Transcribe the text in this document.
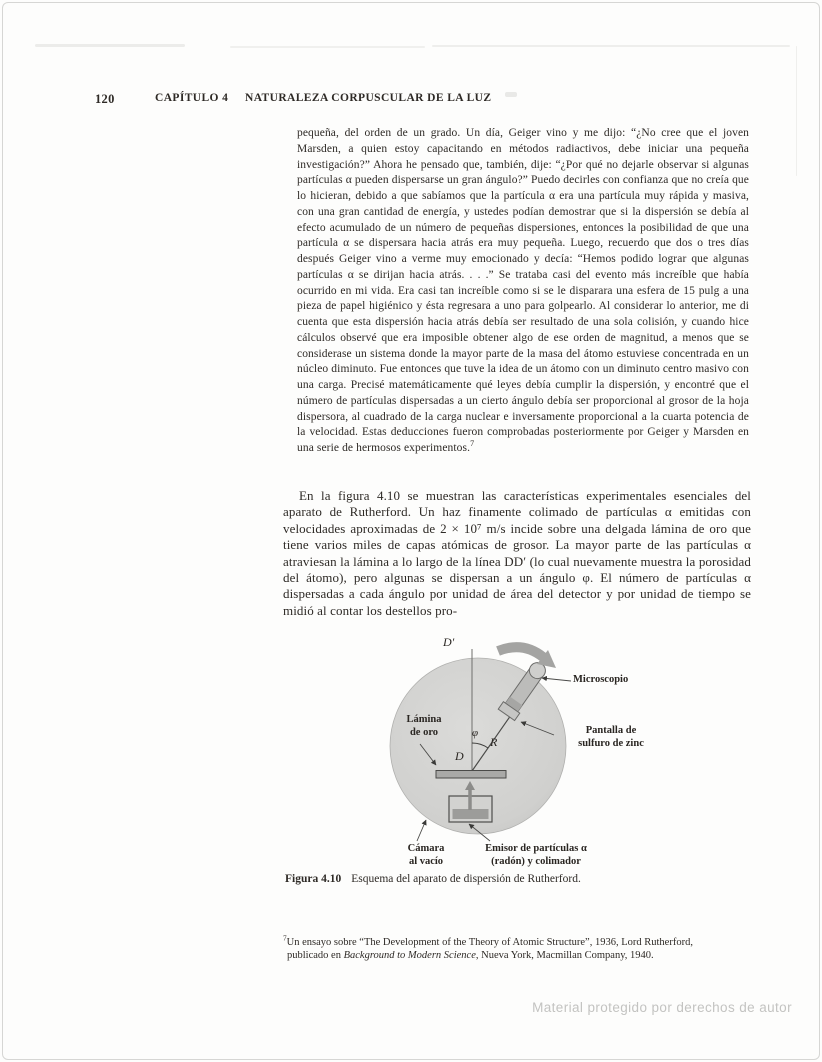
120	CAPÍTULO 4 NATURALEZA CORPUSCULAR DE LA LUZ
pequeña, del orden de un grado. Un día, Geiger vino y me dijo: “¿No cree que el joven Marsden, a quien estoy capacitando en métodos radiactivos, debe iniciar una pequeña investigación?” Ahora he pensado que, también, dije: “¿Por qué no dejarle observar si algunas partículas α pueden dispersarse un gran ángulo?” Puedo decirles con confianza que no creía que lo hicieran, debido a que sabíamos que la partícula α era una partícula muy rápida y masiva, con una gran cantidad de energía, y ustedes podían demostrar que si la dispersión se debía al efecto acumulado de un número de pequeñas dispersiones, entonces la posibilidad de que una partícula α se dispersara hacia atrás era muy pequeña. Luego, recuerdo que dos o tres días después Geiger vino a verme muy emocionado y decía: “Hemos podido lograr que algunas partículas α se dirijan hacia atrás. . . .” Se trataba casi del evento más increíble que había ocurrido en mi vida. Era casi tan increíble como si se le disparara una esfera de 15 pulg a una pieza de papel higiénico y ésta regresara a uno para golpearlo. Al considerar lo anterior, me di cuenta que esta dispersión hacia atrás debía ser resultado de una sola colisión, y cuando hice cálculos observé que era imposible obtener algo de ese orden de magnitud, a menos que se considerase un sistema donde la mayor parte de la masa del átomo estuviese concentrada en un núcleo diminuto. Fue entonces que tuve la idea de un átomo con un diminuto centro masivo con una carga. Precisé matemáticamente qué leyes debía cumplir la dispersión, y encontré que el número de partículas dispersadas a un cierto ángulo debía ser proporcional al grosor de la hoja dispersora, al cuadrado de la carga nuclear e inversamente proporcional a la cuarta potencia de la velocidad. Estas deducciones fueron comprobadas posteriormente por Geiger y Marsden en una serie de hermosos experimentos.$^7$
En la figura 4.10 se muestran las características experimentales esenciales del aparato de Rutherford. Un haz finamente colimado de partículas α emitidas con velocidades aproximadas de 2 × 10⁷ m/s incide sobre una delgada lámina de oro que tiene varios miles de capas atómicas de grosor. La mayor parte de las partículas α atraviesan la lámina a lo largo de la línea DD′ (lo cual nuevamente muestra la porosidad del átomo), pero algunas se dispersan a un ángulo φ. El número de partículas α dispersadas a cada ángulo por unidad de área del detector y por unidad de tiempo se midió al contar los destellos pro-
D′
D
φ
R
Lámina
de oro
Microscopio
Pantalla de
sulfuro de zinc
Cámara
al vacío
Emisor de partículas α
(radón) y colimador
Figura 4.10 Esquema del aparato de dispersión de Rutherford.
$^7$Un ensayo sobre “The Development of the Theory of Atomic Structure”, 1936, Lord Rutherford,
publicado en Background to Modern Science, Nueva York, Macmillan Company, 1940.
Material protegido por derechos de autor
